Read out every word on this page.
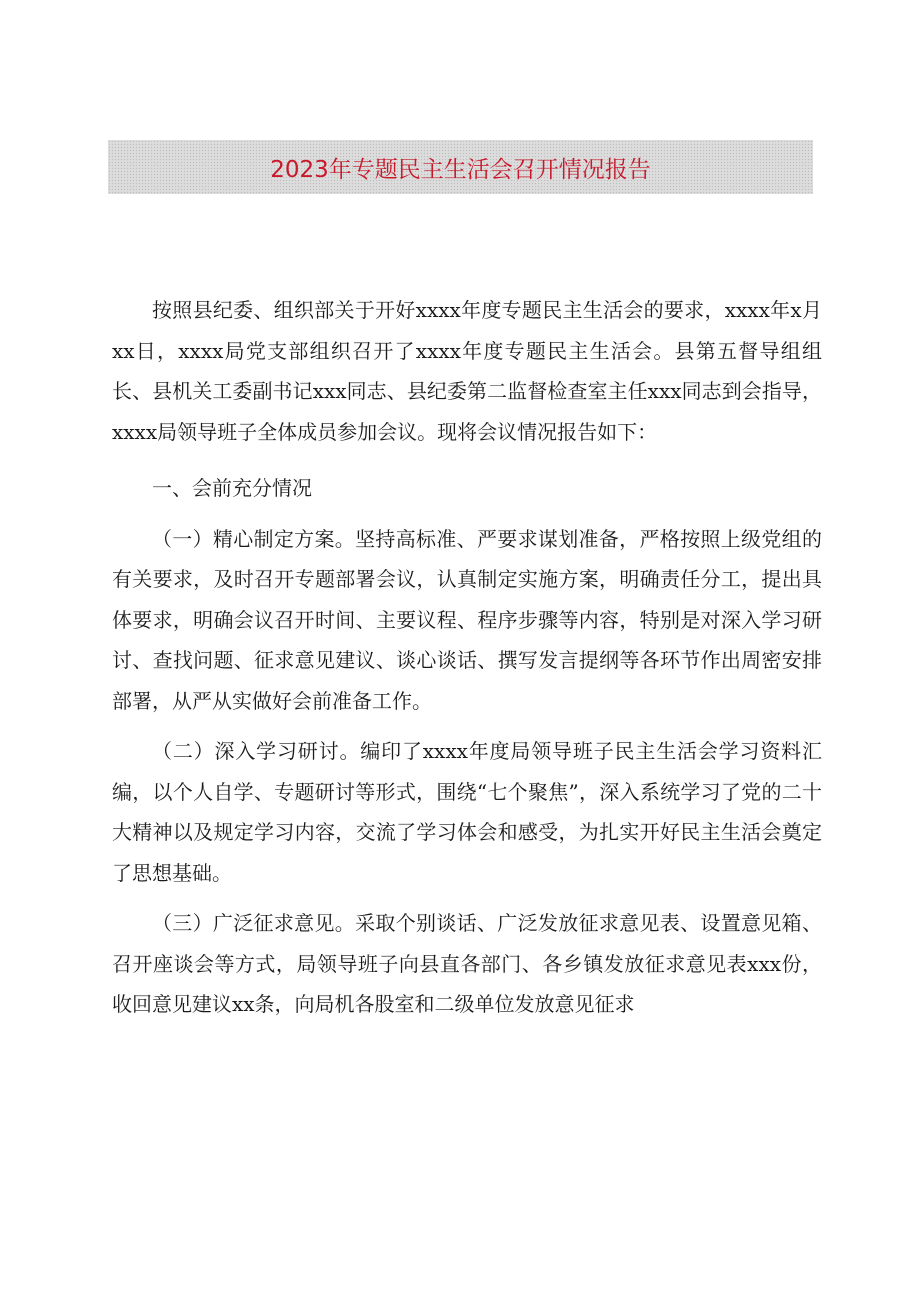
2023年专题民主生活会召开情况报告

按照县纪委、组织部关于开好xxxx年度专题民主生活会的要求，xxxx年x月xx日，xxxx局党支部组织召开了xxxx年度专题民主生活会。县第五督导组组长、县机关工委副书记xxx同志、县纪委第二监督检查室主任xxx同志到会指导，xxxx局领导班子全体成员参加会议。现将会议情况报告如下：

一、会前充分情况

（一）精心制定方案。坚持高标准、严要求谋划准备，严格按照上级党组的有关要求，及时召开专题部署会议，认真制定实施方案，明确责任分工，提出具体要求，明确会议召开时间、主要议程、程序步骤等内容，特别是对深入学习研讨、查找问题、征求意见建议、谈心谈话、撰写发言提纲等各环节作出周密安排部署，从严从实做好会前准备工作。

（二）深入学习研讨。编印了xxxx年度局领导班子民主生活会学习资料汇编，以个人自学、专题研讨等形式，围绕“七个聚焦”，深入系统学习了党的二十大精神以及规定学习内容，交流了学习体会和感受，为扎实开好民主生活会奠定了思想基础。

（三）广泛征求意见。采取个别谈话、广泛发放征求意见表、设置意见箱、召开座谈会等方式，局领导班子向县直各部门、各乡镇发放征求意见表xxx份，收回意见建议xx条，向局机各股室和二级单位发放意见征求
